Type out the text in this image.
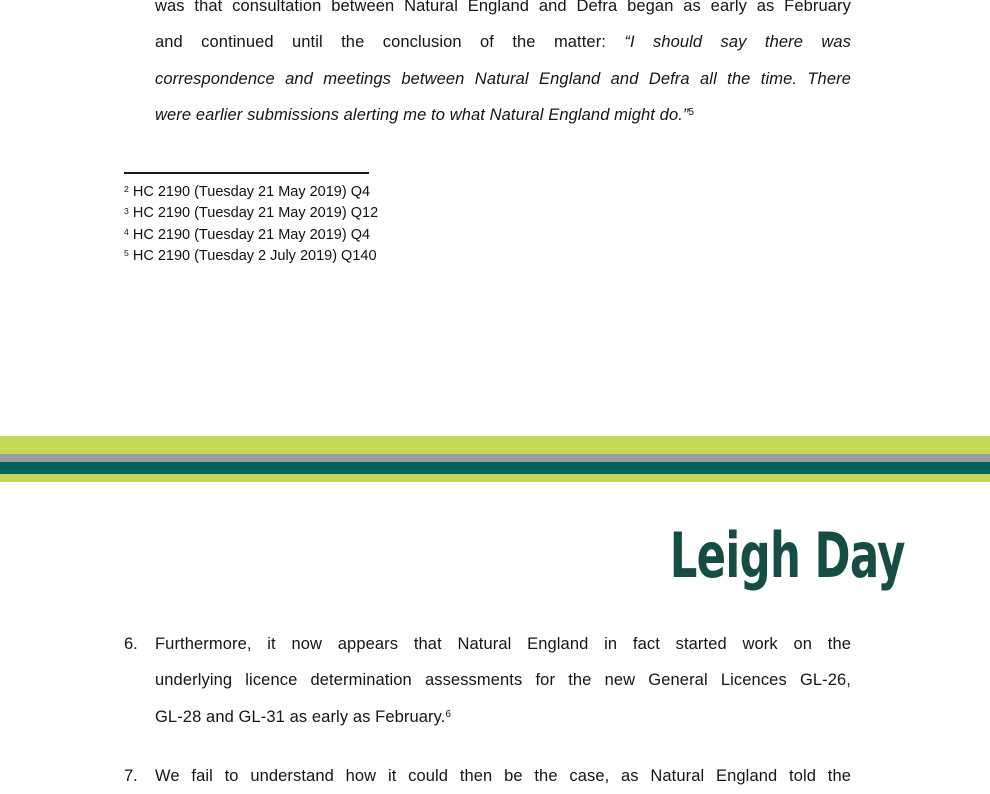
was that consultation between Natural England and Defra began as early as February
and continued until the conclusion of the matter: “I should say there was
correspondence and meetings between Natural England and Defra all the time. There
were earlier submissions alerting me to what Natural England might do.”$^5$
$^2$ HC 2190 (Tuesday 21 May 2019) Q4
$^3$ HC 2190 (Tuesday 21 May 2019) Q12
$^4$ HC 2190 (Tuesday 21 May 2019) Q4
$^5$ HC 2190 (Tuesday 2 July 2019) Q140
Leigh Day
6.	Furthermore, it now appears that Natural England in fact started work on the
underlying licence determination assessments for the new General Licences GL-26,
GL-28 and GL-31 as early as February.$^6$
7.	We fail to understand how it could then be the case, as Natural England told the
